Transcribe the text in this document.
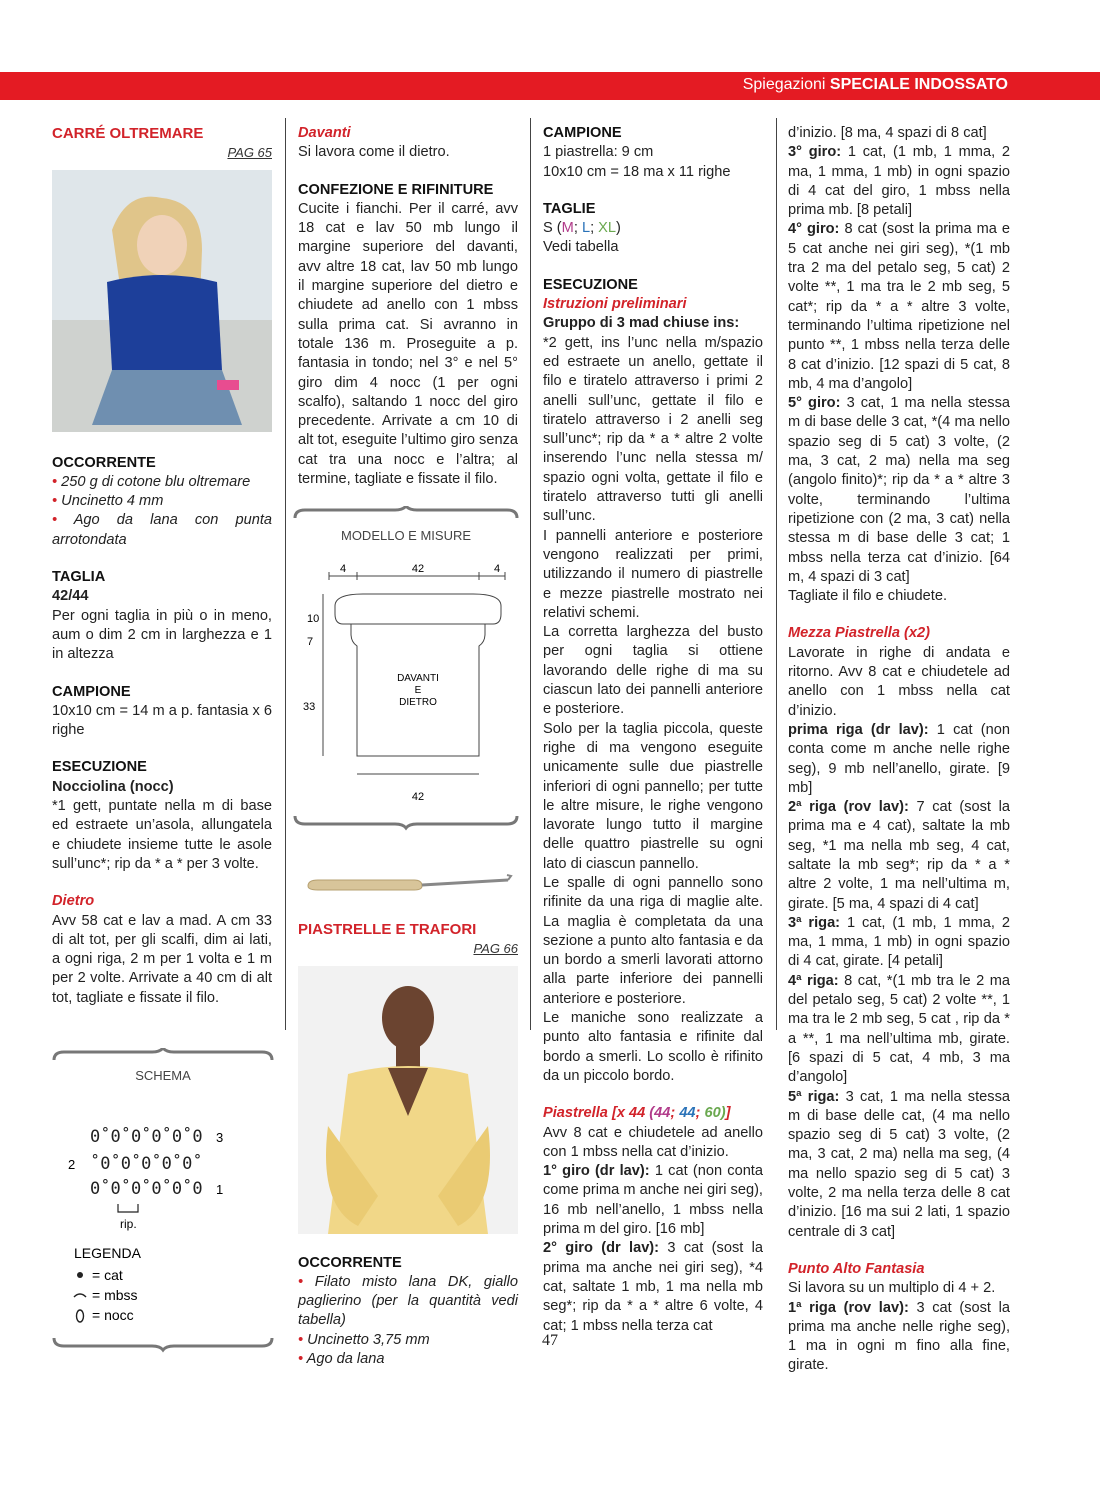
Spiegazioni SPECIALE INDOSSATO
CARRÉ OLTREMARE
PAG 65

OCCORRENTE

• 250 g di cotone blu oltremare

• Uncinetto 4 mm

• Ago da lana con punta arrotondata

TAGLIA

42/44

Per ogni taglia in più o in meno, aum o dim 2 cm in larghezza e 1 in altezza

CAMPIONE

10x10 cm = 14 m a p. fantasia x 6 righe

ESECUZIONE

Nocciolina (nocc)

*1 gett, puntate nella m di base ed estraete un’asola, allungatela e chiudete insieme tutte le asole sull’unc*; rip da * a * per 3 volte.

Dietro

Avv 58 cat e lav a mad. A cm 33 di alt tot, per gli scalfi, dim ai lati, a ogni riga, 2 m per 1 volta e 1 m per 2 volte. Arrivate a 40 cm di alt tot, tagliate e fissate il filo.

SCHEMA
0˚0˚0˚0˚0˚0
˚0˚0˚0˚0˚0˚
0˚0˚0˚0˚0˚0
3
2
1
rip.
LEGENDA
= cat
= mbss
= nocc

Davanti

Si lavora come il dietro.

CONFEZIONE E RIFINITURE

Cucite i fianchi. Per il carré, avv 18 cat e lav 50 mb lungo il margine superiore del davanti, avv altre 18 cat, lav 50 mb lungo il margine superiore del dietro e chiudete ad anello con 1 mbss sulla prima cat. Si avranno in totale 136 m. Proseguite a p. fantasia in tondo; nel 3° e nel 5° giro dim 4 nocc (1 per ogni scalfo), saltando 1 nocc del giro precedente. Arrivate a cm 10 di alt tot, eseguite l’ultimo giro senza cat tra una nocc e l’altra; al termine, tagliate e fissate il filo.

MODELLO E MISURE
4	42	4
10
7
33
DAVANTI
E
DIETRO
42
PIASTRELLE E TRAFORI
PAG 66

OCCORRENTE

• Filato misto lana DK, giallo paglierino (per la quantità vedi tabella)

• Uncinetto 3,75 mm

• Ago da lana

CAMPIONE

1 piastrella: 9 cm

10x10 cm = 18 ma x 11 righe

TAGLIE

S (M; L; XL)

Vedi tabella

ESECUZIONE

Istruzioni preliminari

Gruppo di 3 mad chiuse ins:

*2 gett, ins l’unc nella m/spazio ed estraete un anello, gettate il filo e tiratelo attraverso i primi 2 anelli sull’unc, gettate il filo e tiratelo attraverso i 2 anelli seg sull’unc*; rip da * a * altre 2 volte inserendo l’unc nella stessa m/ spazio ogni volta, gettate il filo e tiratelo attraverso tutti gli anelli sull’unc.

I pannelli anteriore e posteriore vengono realizzati per primi, utilizzando il numero di piastrelle e mezze piastrelle mostrato nei relativi schemi.

La corretta larghezza del busto per ogni taglia si ottiene lavorando delle righe di ma su ciascun lato dei pannelli anteriore e posteriore.

Solo per la taglia piccola, queste righe di ma vengono eseguite unicamente sulle due piastrelle inferiori di ogni pannello; per tutte le altre misure, le righe vengono lavorate lungo tutto il margine delle quattro piastrelle su ogni lato di ciascun pannello.

Le spalle di ogni pannello sono rifinite da una riga di maglie alte. La maglia è completata da una sezione a punto alto fantasia e da un bordo a smerli lavorati attorno alla parte inferiore dei pannelli anteriore e posteriore.

Le maniche sono realizzate a punto alto fantasia e rifinite dal bordo a smerli. Lo scollo è rifinito da un piccolo bordo.

Piastrella [x 44 (44; 44; 60)]

Avv 8 cat e chiudetele ad anello con 1 mbss nella cat d’inizio.

1° giro (dr lav): 1 cat (non conta come prima m anche nei giri seg), 16 mb nell’anello, 1 mbss nella prima m del giro. [16 mb]

2° giro (dr lav): 3 cat (sost la prima ma anche nei giri seg), *4 cat, saltate 1 mb, 1 ma nella mb seg*; rip da * a * altre 6 volte, 4 cat; 1 mbss nella terza cat

d’inizio. [8 ma, 4 spazi di 8 cat]

3° giro: 1 cat, (1 mb, 1 mma, 2 ma, 1 mma, 1 mb) in ogni spazio di 4 cat del giro, 1 mbss nella prima mb. [8 petali]

4° giro: 8 cat (sost la prima ma e 5 cat anche nei giri seg), *(1 mb tra 2 ma del petalo seg, 5 cat) 2 volte **, 1 ma tra le 2 mb seg, 5 cat*; rip da * a * altre 3 volte, terminando l’ultima ripetizione nel punto **, 1 mbss nella terza delle 8 cat d’inizio. [12 spazi di 5 cat, 8 mb, 4 ma d’angolo]

5° giro: 3 cat, 1 ma nella stessa m di base delle 3 cat, *(4 ma nello spazio seg di 5 cat) 3 volte, (2 ma, 3 cat, 2 ma) nella ma seg (angolo finito)*; rip da * a * altre 3 volte, terminando l’ultima ripetizione con (2 ma, 3 cat) nella stessa m di base delle 3 cat; 1 mbss nella terza cat d’inizio. [64 m, 4 spazi di 3 cat]

Tagliate il filo e chiudete.

Mezza Piastrella (x2)

Lavorate in righe di andata e ritorno. Avv 8 cat e chiudetele ad anello con 1 mbss nella cat d’inizio.

prima riga (dr lav): 1 cat (non conta come m anche nelle righe seg), 9 mb nell’anello, girate. [9 mb]

2ª riga (rov lav): 7 cat (sost la prima ma e 4 cat), saltate la mb seg, *1 ma nella mb seg, 4 cat, saltate la mb seg*; rip da * a * altre 2 volte, 1 ma nell’ultima m, girate. [5 ma, 4 spazi di 4 cat]

3ª riga: 1 cat, (1 mb, 1 mma, 2 ma, 1 mma, 1 mb) in ogni spazio di 4 cat, girate. [4 petali]

4ª riga: 8 cat, *(1 mb tra le 2 ma del petalo seg, 5 cat) 2 volte **, 1 ma tra le 2 mb seg, 5 cat , rip da * a **, 1 ma nell’ultima mb, girate. [6 spazi di 5 cat, 4 mb, 3 ma d’angolo]

5ª riga: 3 cat, 1 ma nella stessa m di base delle cat, (4 ma nello spazio seg di 5 cat) 3 volte, (2 ma, 3 cat, 2 ma) nella ma seg, (4 ma nello spazio seg di 5 cat) 3 volte, 2 ma nella terza delle 8 cat d’inizio. [16 ma sui 2 lati, 1 spazio centrale di 3 cat]

Punto Alto Fantasia

Si lavora su un multiplo di 4 + 2.

1ª riga (rov lav): 3 cat (sost la prima ma anche nelle righe seg), 1 ma in ogni m fino alla fine, girate.

47
